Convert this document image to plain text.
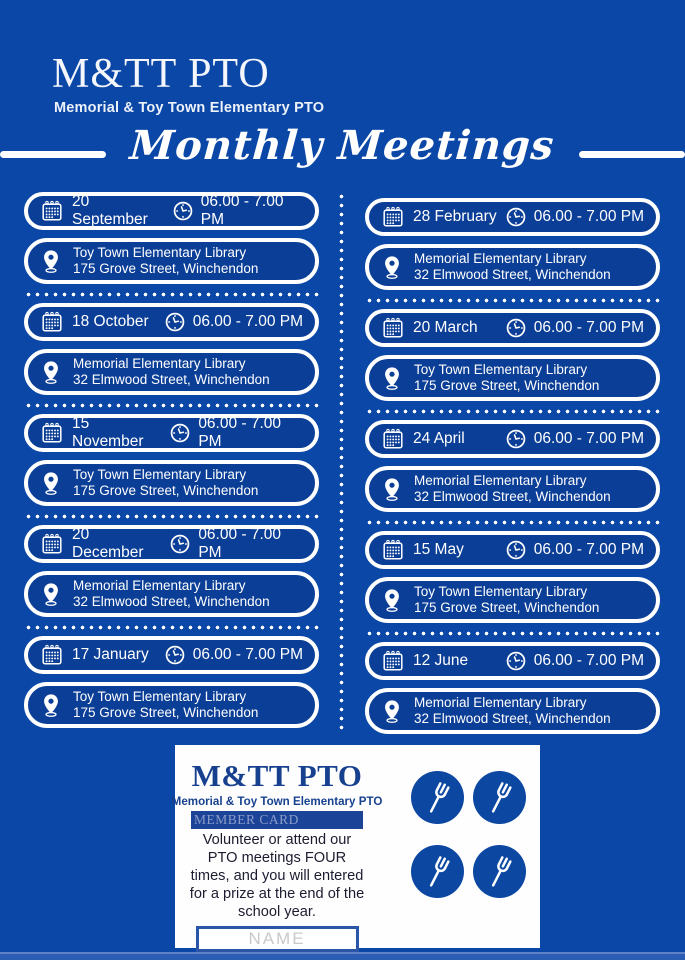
M&TT PTO
Memorial & Toy Town Elementary PTO
Monthly Meetings
20 September
06.00 - 7.00 PM
Toy Town Elementary Library
175 Grove Street, Winchendon
18 October	06.00 - 7.00 PM
Memorial Elementary Library
32 Elmwood Street, Winchendon
15 November
06.00 - 7.00 PM
Toy Town Elementary Library
175 Grove Street, Winchendon
20 December
06.00 - 7.00 PM
Memorial Elementary Library
32 Elmwood Street, Winchendon
17 January	06.00 - 7.00 PM
Toy Town Elementary Library
175 Grove Street, Winchendon
28 February 06.00 - 7.00 PM
Memorial Elementary Library
32 Elmwood Street, Winchendon
20 March	06.00 - 7.00 PM
Toy Town Elementary Library
175 Grove Street, Winchendon
24 April	06.00 - 7.00 PM
Memorial Elementary Library
32 Elmwood Street, Winchendon
15 May	06.00 - 7.00 PM
Toy Town Elementary Library
175 Grove Street, Winchendon
12 June	06.00 - 7.00 PM
Memorial Elementary Library
32 Elmwood Street, Winchendon
M&TT PTO
Memorial & Toy Town Elementary PTO
MEMBER CARD
Volunteer or attend our PTO meetings FOUR times, and you will entered for a prize at the end of the school year.
NAME
